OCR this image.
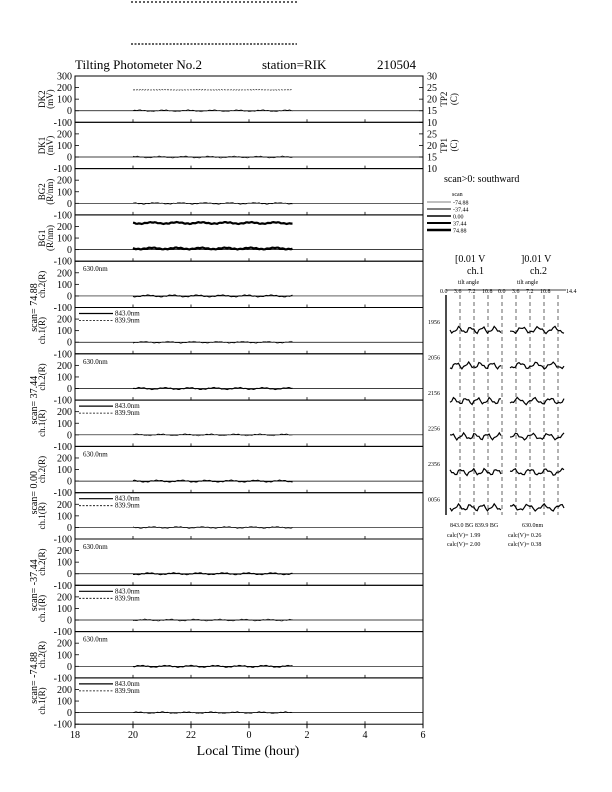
Tilting Photometer No.2	station=RIK	210504
300
200
100
0
-100
DK2
(mV)
30
25
20
15
10
TP2 (C)
200
100
0
-100
DK1
(mV)
25
20
15
10
TP1 (C)
200
100
0
-100
BG2
(R/nm)
200
100
0
-100
BG1
(R/nm)
200
100
0
-100
ch.2(R)
630.0nm
200
100
0
-100
ch.1(R)
843.0nm
839.9nm
200
100
0
-100
ch.2(R)
630.0nm
200
100
0
-100
ch.1(R)
843.0nm
839.9nm
200
100
0
-100
ch.2(R)
630.0nm
200
100
0
-100
ch.1(R)
843.0nm
839.9nm
200
100
0
-100
ch.2(R)
630.0nm
200
100
0
-100
ch.1(R)
843.0nm
839.9nm
200
100
0
-100
ch.2(R)
630.0nm
200
100
0
-100
ch.1(R)
843.0nm
839.9nm
scan= 74.88
scan= 37.44
scan= 0.00
scan= -37.44
scan= -74.88
18	20	22	0	2	4	6
Local Time (hour)
scan>0: southward
scan
-74.88
-37.44
0.00
37.44
74.88
[0.01 V	]0.01 V
ch.1	ch.2
tilt angle	tilt angle
14.4
843.0 BG 839.9 BG	630.0nm
calc(V)= 1.99
calc(V)= 2.00
calc(V)= 0.26
calc(V)= 0.38
0.0	0.0
3.6	3.6
7.2	7.2
10.8	10.8
1956
2056
2156
2256
2356
0056
